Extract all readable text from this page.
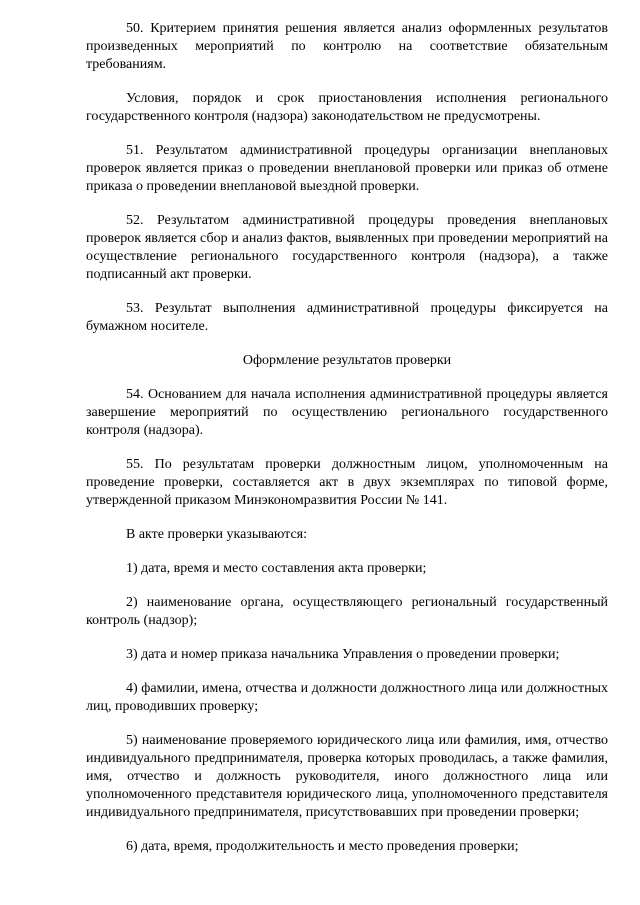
50. Критерием принятия решения является анализ оформленных результатов произведенных мероприятий по контролю на соответствие обязательным требованиям.

Условия, порядок и срок приостановления исполнения регионального государственного контроля (надзора) законодательством не предусмотрены.

51. Результатом административной процедуры организации внеплановых проверок является приказ о проведении внеплановой проверки или приказ об отмене приказа о проведении внеплановой выездной проверки.

52. Результатом административной процедуры проведения внеплановых проверок является сбор и анализ фактов, выявленных при проведении мероприятий на осуществление регионального государственного контроля (надзора), а также подписанный акт проверки.

53. Результат выполнения административной процедуры фиксируется на бумажном носителе.

Оформление результатов проверки

54. Основанием для начала исполнения административной процедуры является завершение мероприятий по осуществлению регионального государственного контроля (надзора).

55. По результатам проверки должностным лицом, уполномоченным на проведение проверки, составляется акт в двух экземплярах по типовой форме, утвержденной приказом Минэкономразвития России № 141.

В акте проверки указываются:

1) дата, время и место составления акта проверки;

2) наименование органа, осуществляющего региональный государственный контроль (надзор);

3) дата и номер приказа начальника Управления о проведении проверки;

4) фамилии, имена, отчества и должности должностного лица или должностных лиц, проводивших проверку;

5) наименование проверяемого юридического лица или фамилия, имя, отчество индивидуального предпринимателя, проверка которых проводилась, а также фамилия, имя, отчество и должность руководителя, иного должностного лица или уполномоченного представителя юридического лица, уполномоченного представителя индивидуального предпринимателя, присутствовавших при проведении проверки;

6) дата, время, продолжительность и место проведения проверки;
